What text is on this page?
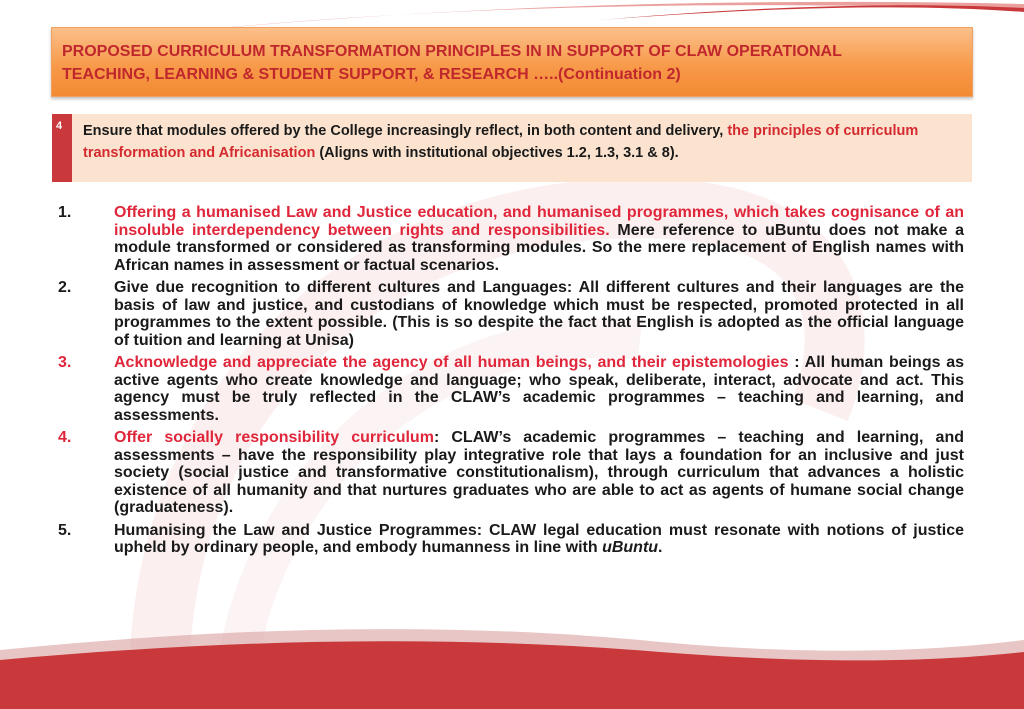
PROPOSED CURRICULUM TRANSFORMATION PRINCIPLES IN IN SUPPORT OF CLAW OPERATIONAL
TEACHING, LEARNING & STUDENT SUPPORT, & RESEARCH …..(Continuation 2)
4 Ensure that modules offered by the College increasingly reflect, in both content and delivery, the principles of curriculum transformation and Africanisation (Aligns with institutional objectives 1.2, 1.3, 3.1 & 8).
1.	Offering a humanised Law and Justice education, and humanised programmes, which takes cognisance of an insoluble interdependency between rights and responsibilities. Mere reference to uBuntu does not make a module transformed or considered as transforming modules. So the mere replacement of English names with African names in assessment or factual scenarios.
2.	Give due recognition to different cultures and Languages: All different cultures and their languages are the basis of law and justice, and custodians of knowledge which must be respected, promoted protected in all programmes to the extent possible. (This is so despite the fact that English is adopted as the official language of tuition and learning at Unisa)
3.	Acknowledge and appreciate the agency of all human beings, and their epistemologies : All human beings as active agents who create knowledge and language; who speak, deliberate, interact, advocate and act. This agency must be truly reflected in the CLAW’s academic programmes – teaching and learning, and assessments.
4.	Offer socially responsibility curriculum: CLAW’s academic programmes – teaching and learning, and assessments – have the responsibility play integrative role that lays a foundation for an inclusive and just society (social justice and transformative constitutionalism), through curriculum that advances a holistic existence of all humanity and that nurtures graduates who are able to act as agents of humane social change (graduateness).
5.	Humanising the Law and Justice Programmes: CLAW legal education must resonate with notions of justice upheld by ordinary people, and embody humanness in line with uBuntu.
